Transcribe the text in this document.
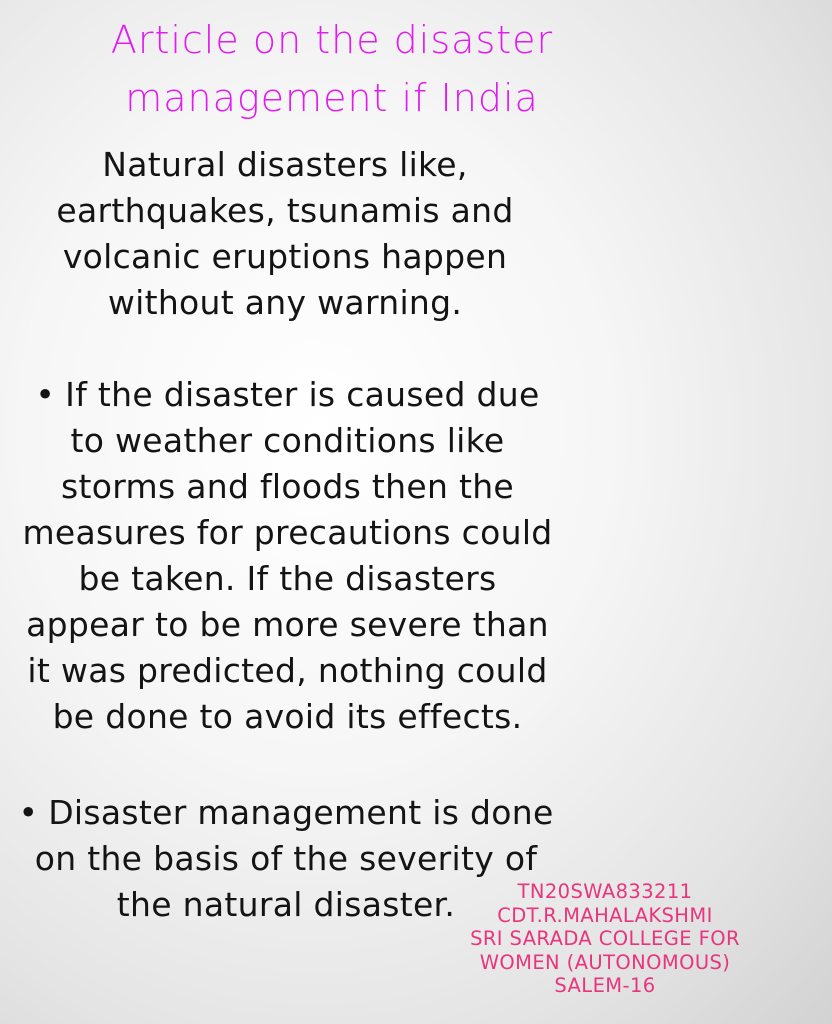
Article on the disaster
management if India

Natural disasters like,
earthquakes, tsunamis and
volcanic eruptions happen
without any warning.

• If the disaster is caused due
to weather conditions like
storms and floods then the
measures for precautions could
be taken. If the disasters
appear to be more severe than
it was predicted, nothing could
be done to avoid its effects.

• Disaster management is done
on the basis of the severity of
the natural disaster.	TN20SWA833211
CDT.R.MAHALAKSHMI
SRI SARADA COLLEGE FOR
WOMEN (AUTONOMOUS)
SALEM-16
